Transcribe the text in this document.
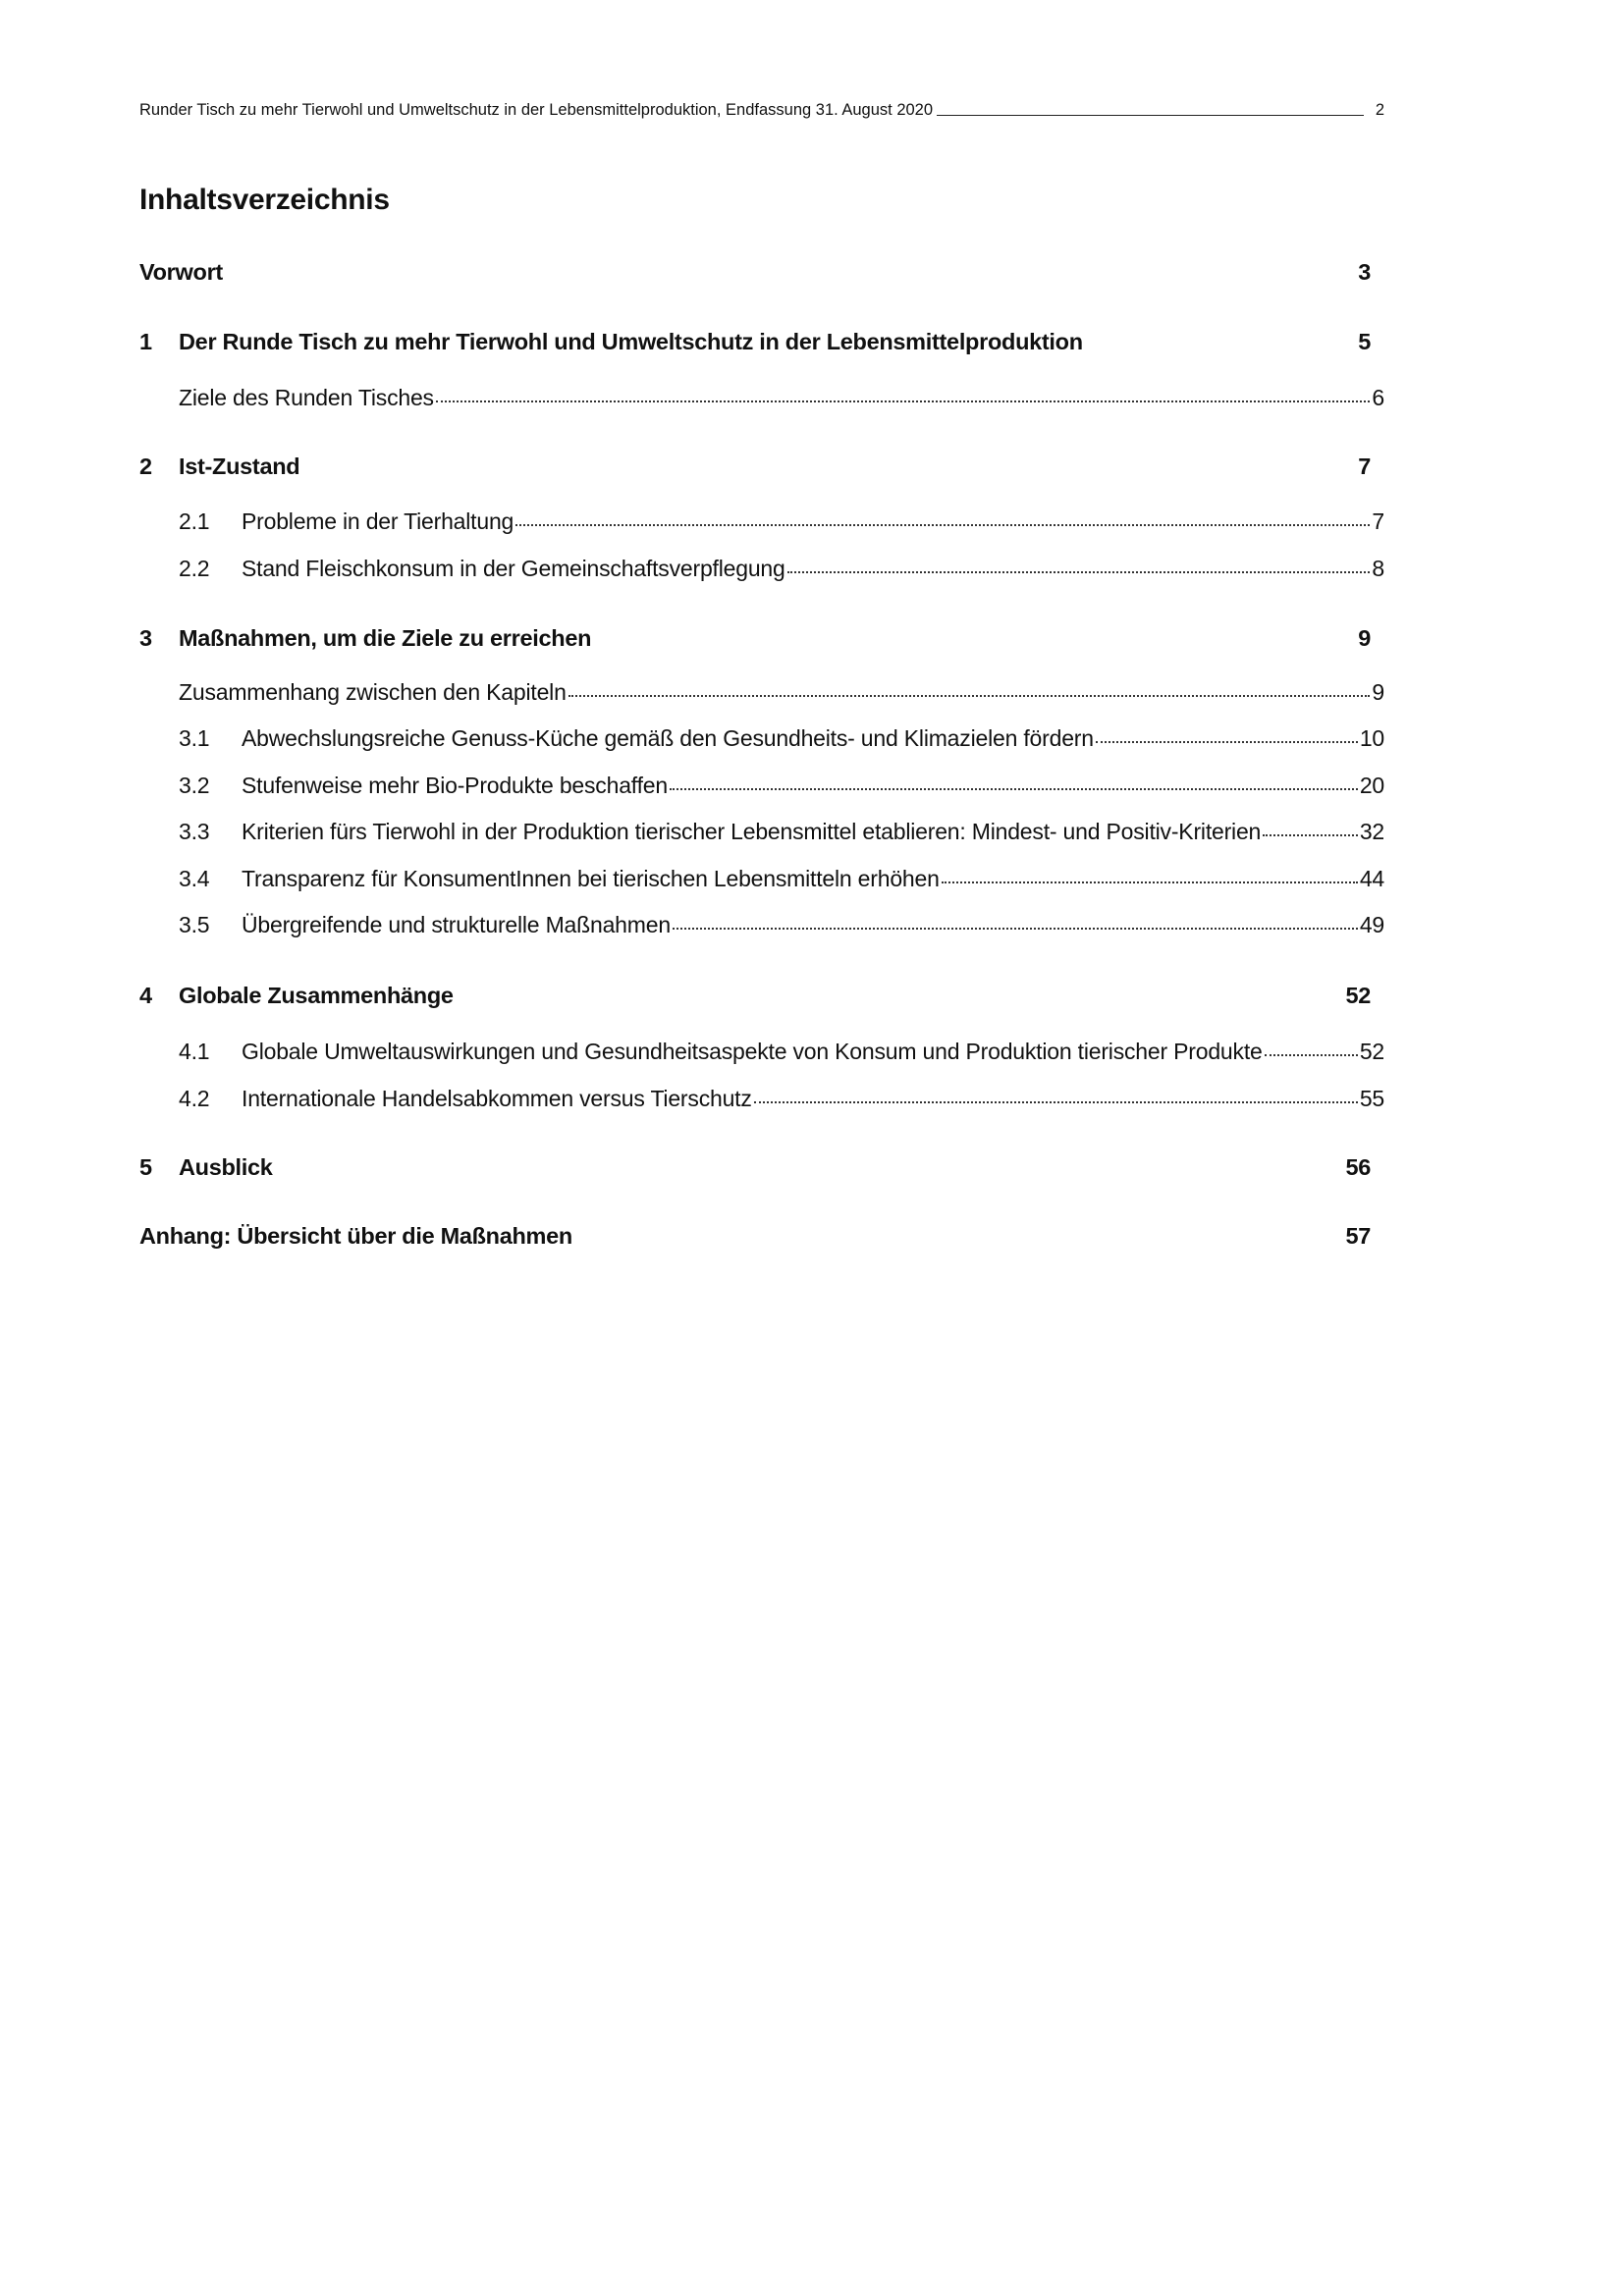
Runder Tisch zu mehr Tierwohl und Umweltschutz in der Lebensmittelproduktion, Endfassung 31. August 2020	2
Inhaltsverzeichnis
Vorwort	3
1	Der Runde Tisch zu mehr Tierwohl und Umweltschutz in der Lebensmittelproduktion	5
Ziele des Runden Tisches	6
2	Ist-Zustand	7
2.1	Probleme in der Tierhaltung	7
2.2	Stand Fleischkonsum in der Gemeinschaftsverpflegung	8
3	Maßnahmen, um die Ziele zu erreichen	9
Zusammenhang zwischen den Kapiteln	9
3.1	Abwechslungsreiche Genuss-Küche gemäß den Gesundheits- und Klimazielen fördern	10
3.2	Stufenweise mehr Bio-Produkte beschaffen	20
3.3	Kriterien fürs Tierwohl in der Produktion tierischer Lebensmittel etablieren: Mindest- und Positiv-Kriterien	32
3.4	Transparenz für KonsumentInnen bei tierischen Lebensmitteln erhöhen	44
3.5	Übergreifende und strukturelle Maßnahmen	49
4	Globale Zusammenhänge	52
4.1	Globale Umweltauswirkungen und Gesundheitsaspekte von Konsum und Produktion tierischer Produkte	52
4.2	Internationale Handelsabkommen versus Tierschutz	55
5	Ausblick	56
Anhang: Übersicht über die Maßnahmen	57
